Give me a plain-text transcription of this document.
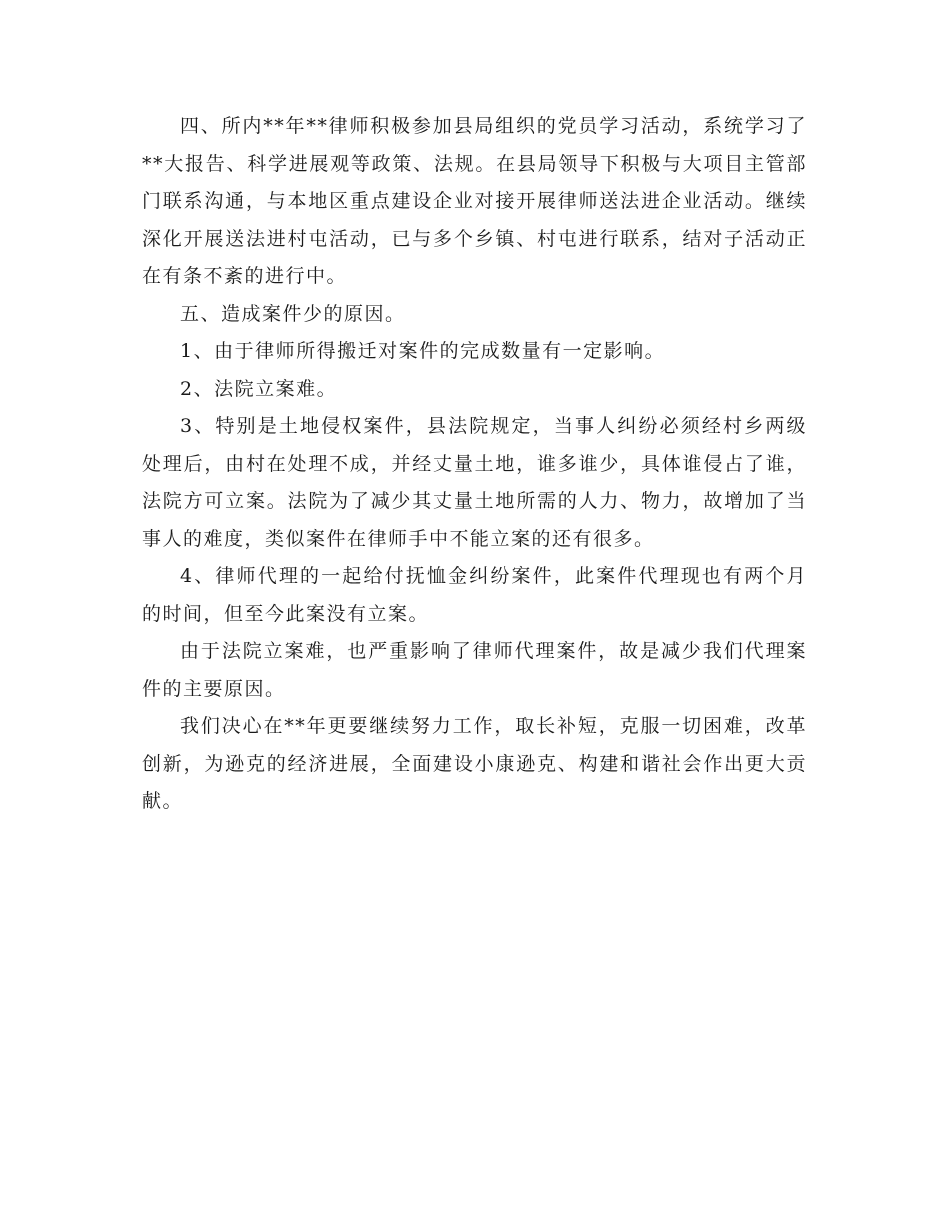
四、所内**年**律师积极参加县局组织的党员学习活动，系统学习了**大报告、科学进展观等政策、法规。在县局领导下积极与大项目主管部门联系沟通，与本地区重点建设企业对接开展律师送法进企业活动。继续深化开展送法进村屯活动，已与多个乡镇、村屯进行联系，结对子活动正在有条不紊的进行中。

五、造成案件少的原因。

1、由于律师所得搬迁对案件的完成数量有一定影响。

2、法院立案难。

3、特别是土地侵权案件，县法院规定，当事人纠纷必须经村乡两级处理后，由村在处理不成，并经丈量土地，谁多谁少，具体谁侵占了谁，法院方可立案。法院为了减少其丈量土地所需的人力、物力，故增加了当事人的难度，类似案件在律师手中不能立案的还有很多。

4、律师代理的一起给付抚恤金纠纷案件，此案件代理现也有两个月的时间，但至今此案没有立案。

由于法院立案难，也严重影响了律师代理案件，故是减少我们代理案件的主要原因。

我们决心在**年更要继续努力工作，取长补短，克服一切困难，改革创新，为逊克的经济进展，全面建设小康逊克、构建和谐社会作出更大贡献。
